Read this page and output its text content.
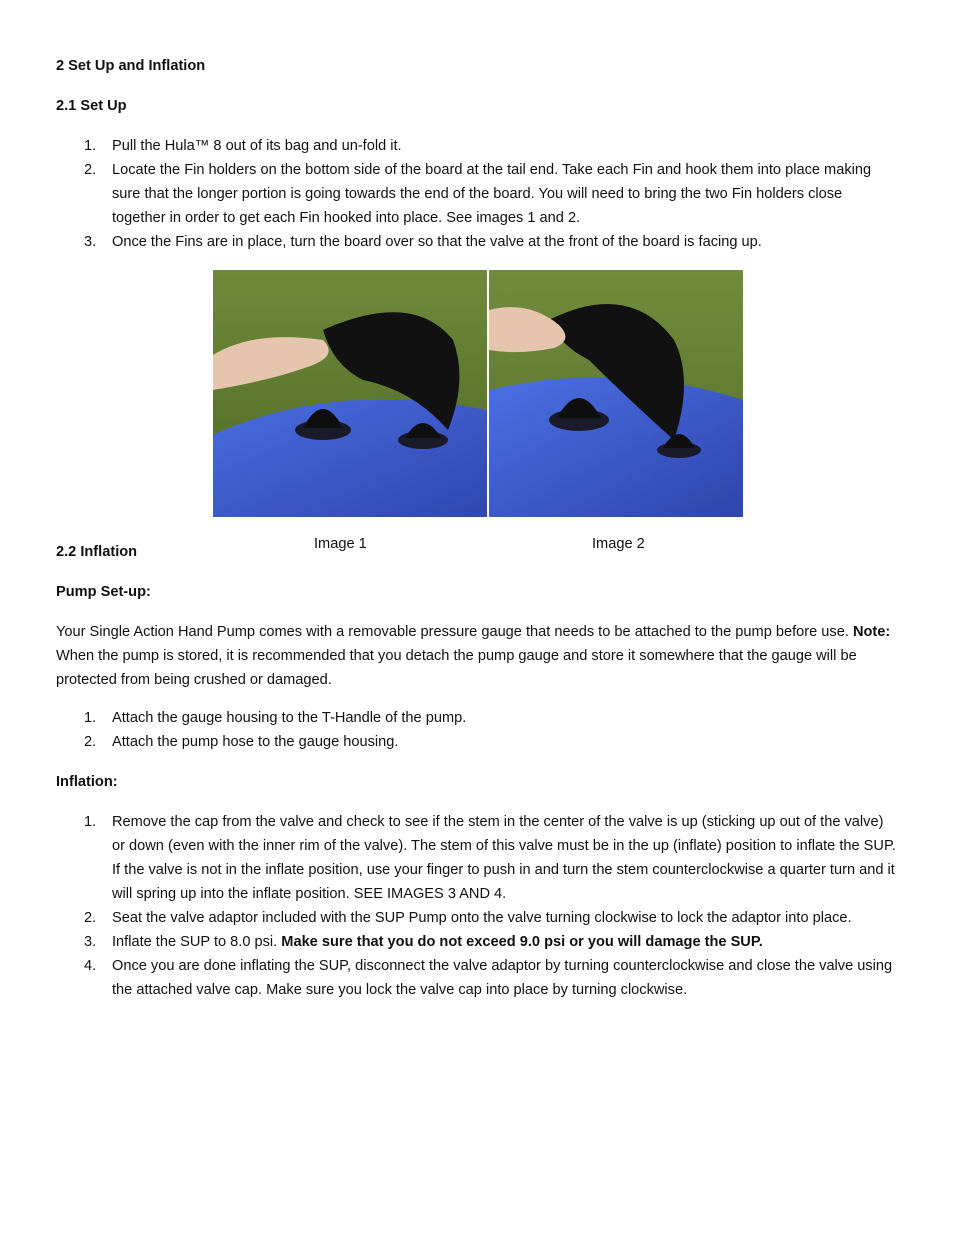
2 Set Up and Inflation
2.1 Set Up
1. Pull the Hula™ 8 out of its bag and un-fold it.
2. Locate the Fin holders on the bottom side of the board at the tail end. Take each Fin and hook them into place making sure that the longer portion is going towards the end of the board. You will need to bring the two Fin holders close together in order to get each Fin hooked into place. See images 1 and 2.
3. Once the Fins are in place, turn the board over so that the valve at the front of the board is facing up.
Image 1	Image 2
2.2 Inflation
Pump Set-up:

Your Single Action Hand Pump comes with a removable pressure gauge that needs to be attached to the pump before use. Note: When the pump is stored, it is recommended that you detach the pump gauge and store it somewhere that the gauge will be protected from being crushed or damaged.

1. Attach the gauge housing to the T-Handle of the pump.
2. Attach the pump hose to the gauge housing.
Inflation:
1. Remove the cap from the valve and check to see if the stem in the center of the valve is up (sticking up out of the valve) or down (even with the inner rim of the valve). The stem of this valve must be in the up (inflate) position to inflate the SUP. If the valve is not in the inflate position, use your finger to push in and turn the stem counterclockwise a quarter turn and it will spring up into the inflate position. SEE IMAGES 3 AND 4.
2. Seat the valve adaptor included with the SUP Pump onto the valve turning clockwise to lock the adaptor into place.
3. Inflate the SUP to 8.0 psi. Make sure that you do not exceed 9.0 psi or you will damage the SUP.
4. Once you are done inflating the SUP, disconnect the valve adaptor by turning counterclockwise and close the valve using the attached valve cap. Make sure you lock the valve cap into place by turning clockwise.
